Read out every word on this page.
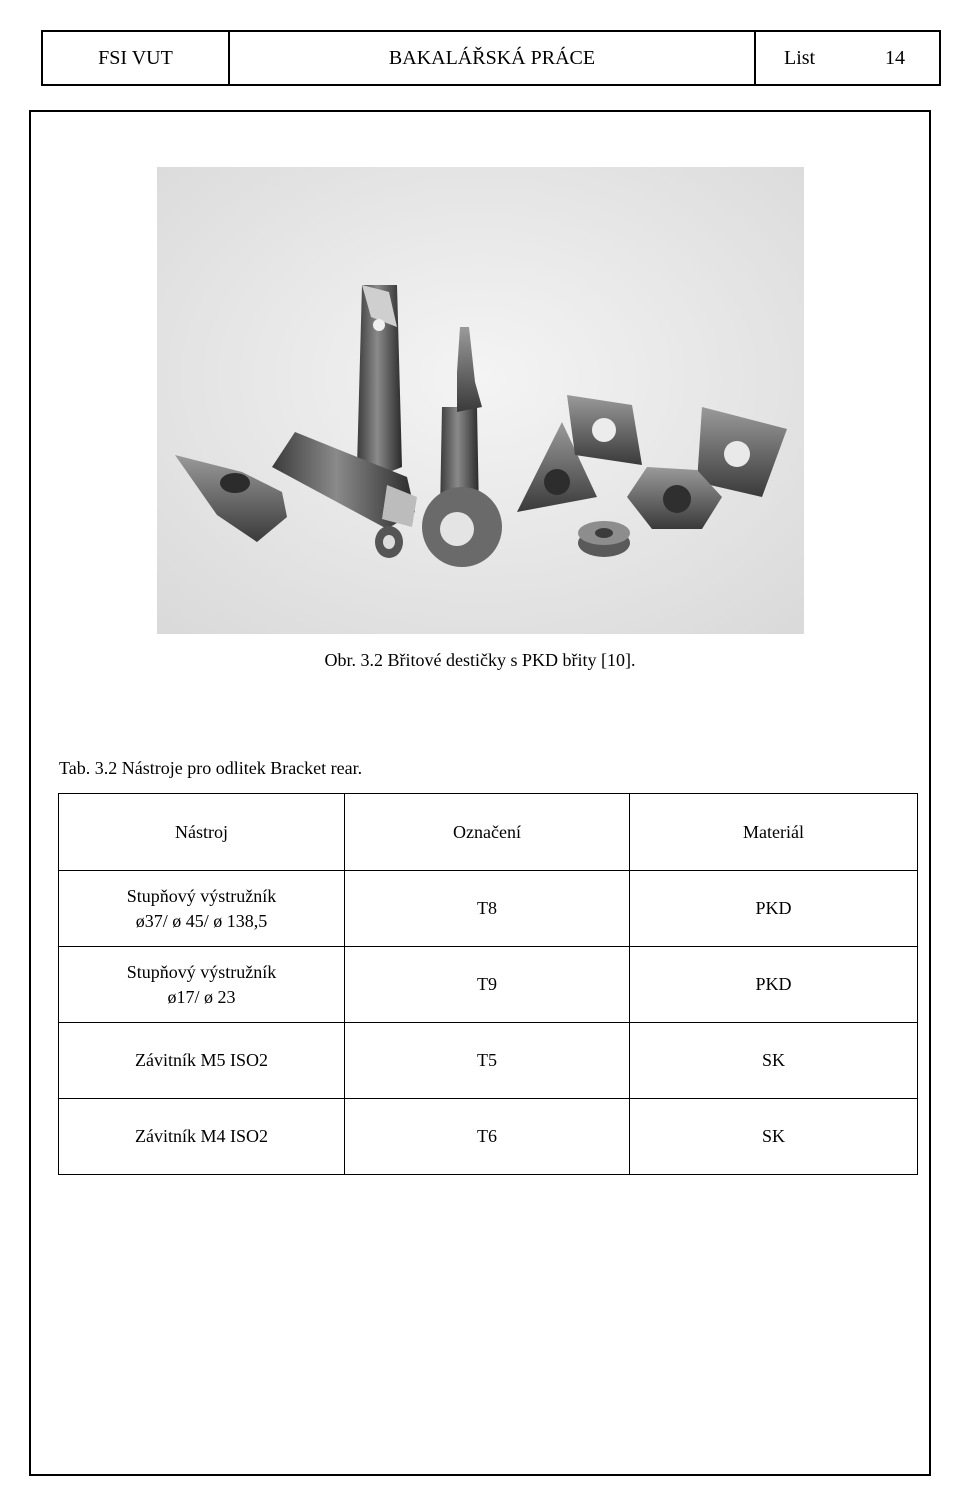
FSI VUT	BAKALÁŘSKÁ PRÁCE	List	14
Obr. 3.2 Břitové destičky s PKD břity [10].
Tab. 3.2 Nástroje pro odlitek Bracket rear.
Nástroj	Označení	Materiál
Stupňový výstružník
ø37/ ø 45/ ø 138,5	T8	PKD
Stupňový výstružník
ø17/ ø 23	T9	PKD
Závitník M5 ISO2	T5	SK
Závitník M4 ISO2	T6	SK
